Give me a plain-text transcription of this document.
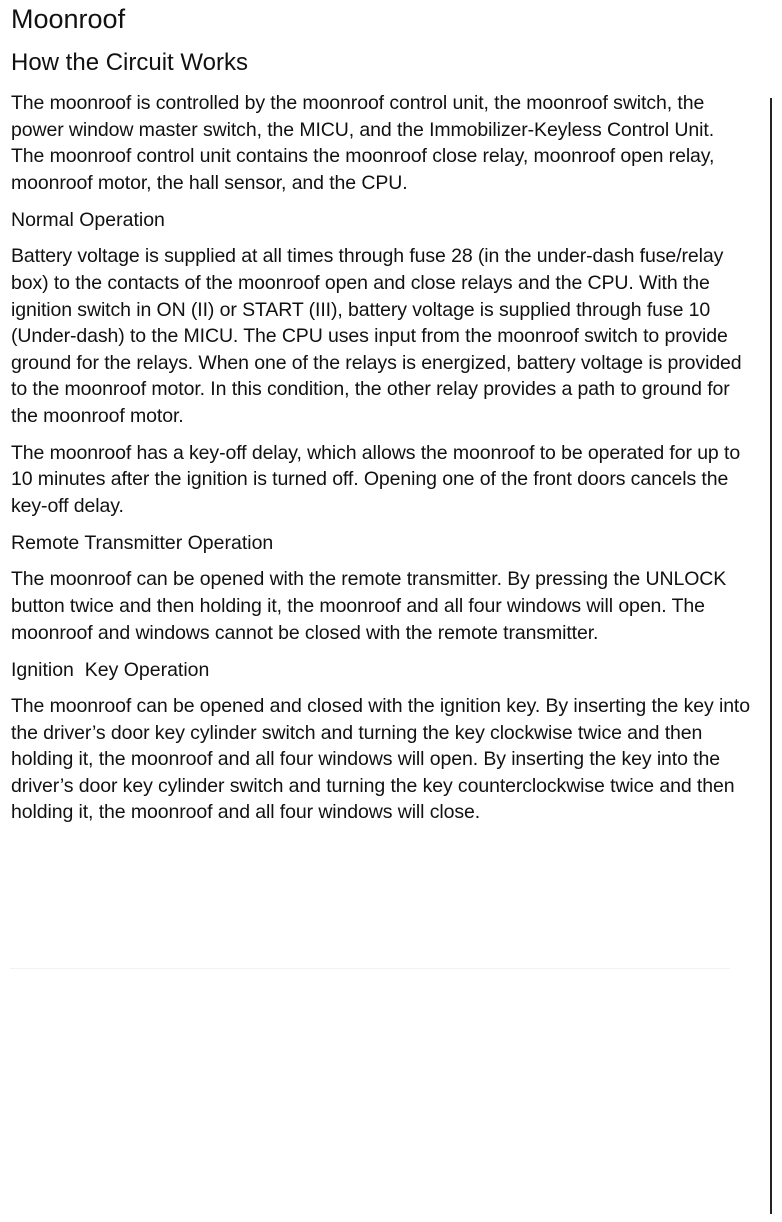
Moonroof
How the Circuit Works

The moonroof is controlled by the moonroof control unit, the moonroof switch, the power window master switch, the MICU, and the Immobilizer-Keyless Control Unit. The moonroof control unit contains the moonroof close relay, moonroof open relay, moonroof motor, the hall sensor, and the CPU.

Normal Operation

Battery voltage is supplied at all times through fuse 28 (in the under-dash fuse/relay box) to the contacts of the moonroof open and close relays and the CPU. With the ignition switch in ON (II) or START (III), battery voltage is supplied through fuse 10 (Under-dash) to the MICU. The CPU uses input from the moonroof switch to provide ground for the relays. When one of the relays is energized, battery voltage is provided to the moonroof motor. In this condition, the other relay provides a path to ground for the moonroof motor.

The moonroof has a key-off delay, which allows the moonroof to be operated for up to 10 minutes after the ignition is turned off. Opening one of the front doors cancels the key-off delay.

Remote Transmitter Operation

The moonroof can be opened with the remote transmitter. By pressing the UNLOCK button twice and then holding it, the moonroof and all four windows will open. The moonroof and windows cannot be closed with the remote transmitter.

Ignition  Key Operation

The moonroof can be opened and closed with the ignition key. By inserting the key into the driver’s door key cylinder switch and turning the key clockwise twice and then holding it, the moonroof and all four windows will open. By inserting the key into the driver’s door key cylinder switch and turning the key counterclockwise twice and then holding it, the moonroof and all four windows will close.
